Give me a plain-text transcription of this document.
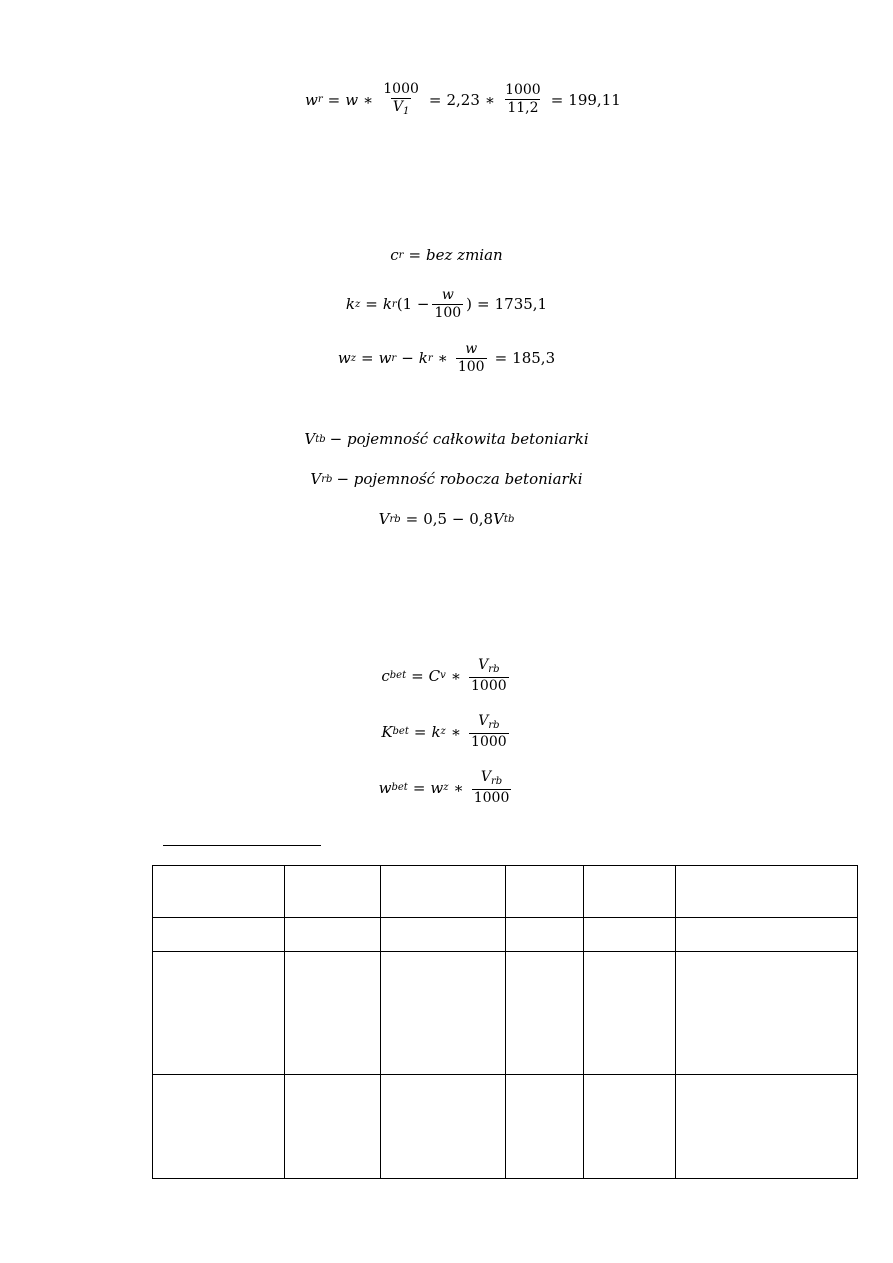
w r = w ∗ $\frac{1000}{V_1} = 2,23$ ∗ $\frac{1000}{11,2} = 199,11$
c r = bez zmian
k z = k r ($1 - \frac{w}{100}$ ) = 1735,1
w z = w r − k r ∗ $\frac{w}{100} = 185,3$
V tb − pojemność całkowita betoniarki
V rb − pojemność robocza betoniarki
V rb = 0,5 − 0,8 V tb
c bet = C v ∗ $\frac{V_{rb}}{1000}$
K bet = k z ∗ $\frac{V_{rb}}{1000}$
w bet = w z ∗ $\frac{V_{rb}}{1000}$
